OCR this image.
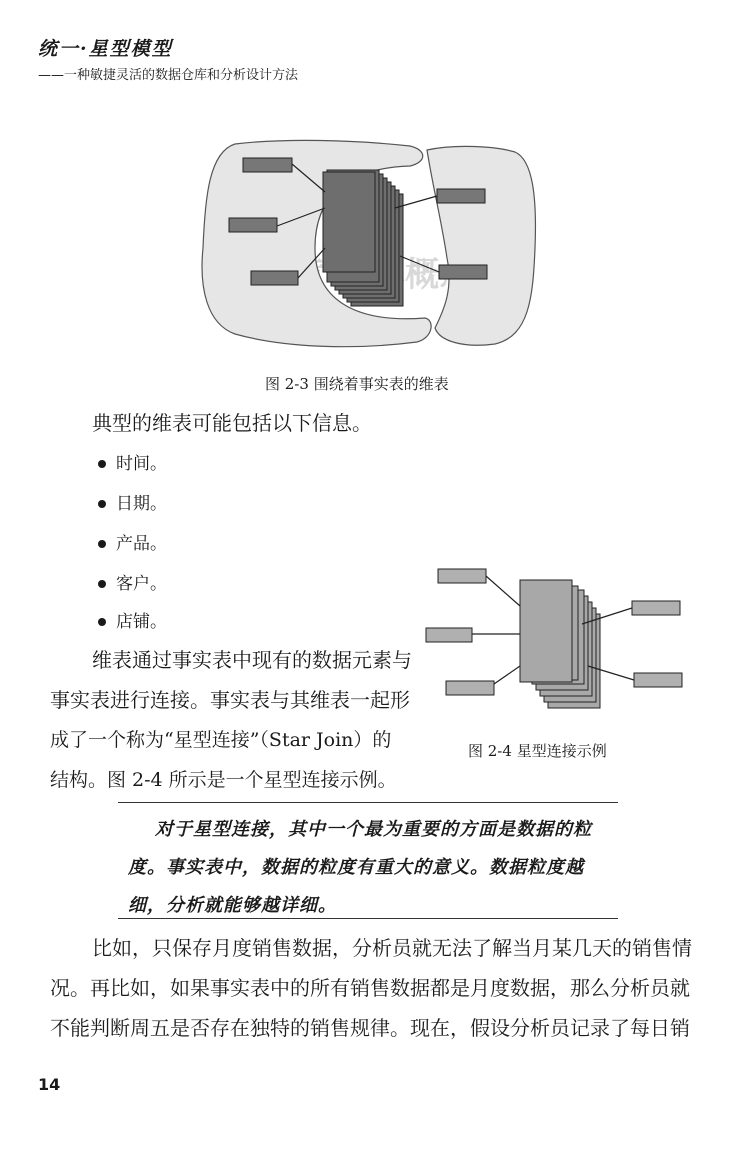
统一·星型模型
——一种敏捷灵活的数据仓库和分析设计方法
基本概念
图 2-3 围绕着事实表的维表
典型的维表可能包括以下信息。
时间。
日期。
产品。
客户。
店铺。
维表通过事实表中现有的数据元素与
事实表进行连接。事实表与其维表一起形
成了一个称为“星型连接”（Star Join）的
结构。图 2-4 所示是一个星型连接示例。
图 2-4 星型连接示例
对于星型连接，其中一个最为重要的方面是数据的粒
度。事实表中，数据的粒度有重大的意义。数据粒度越
细，分析就能够越详细。
比如，只保存月度销售数据，分析员就无法了解当月某几天的销售情
况。再比如，如果事实表中的所有销售数据都是月度数据，那么分析员就
不能判断周五是否存在独特的销售规律。现在，假设分析员记录了每日销
14
